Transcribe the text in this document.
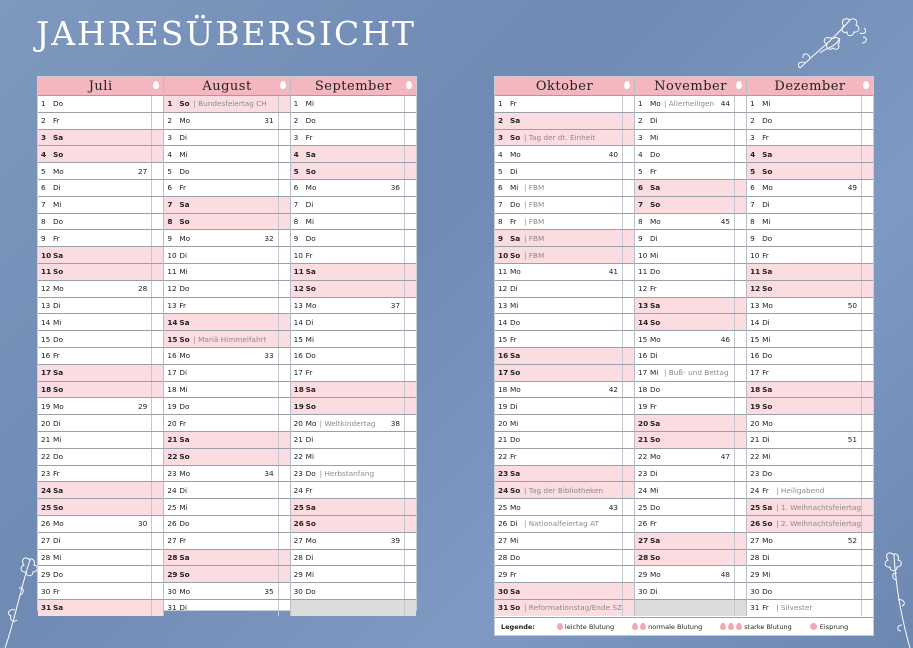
JAHRESÜBERSICHT
Juli
1	Do
2	Fr
3 Sa
4 So
5	Mo	27
6	Di
7	Mi
8	Do
9	Fr
10 Sa
11 So
12 Mo	28
13 Di
14 Mi
15 Do
16 Fr
17 Sa
18 So
19 Mo	29
20 Di
21 Mi
22 Do
23 Fr
24 Sa
25 So
26 Mo	30
27 Di
28 Mi
29 Do
30 Fr
31 Sa
August
1 So | Bundesfeiertag CH
2	Mo	31
3	Di
4	Mi
5	Do
6	Fr
7 Sa
8 So
9	Mo	32
10 Di
11 Mi
12 Do
13 Fr
14 Sa
15 So | Mariä Himmelfahrt
16 Mo	33
17 Di
18 Mi
19 Do
20 Fr
21 Sa
22 So
23 Mo	34
24 Di
25 Mi
26 Do
27 Fr
28 Sa
29 So
30 Mo	35
31 Di
September
1	Mi
2	Do
3	Fr
4 Sa
5 So
6	Mo	36
7	Di
8	Mi
9	Do
10 Fr
11 Sa
12 So
13 Mo	37
14 Di
15 Mi
16 Do
17 Fr
18 Sa
19 So
20 Mo | Weltkindertag 38
21 Di
22 Mi
23 Do | Herbstanfang
24 Fr
25 Sa
26 So
27 Mo	39
28 Di
29 Mi
30 Do
Oktober
1	Fr
2 Sa
3 So | Tag der dt. Einheit
4	Mo	40
5	Di
6	Mi | FBM
7	Do | FBM
8	Fr	| FBM
9 Sa | FBM
10 So | FBM
11 Mo	41
12 Di
13 Mi
14 Do
15 Fr
16 Sa
17 So
18 Mo	42
19 Di
20 Mi
21 Do
22 Fr
23 Sa
24 So | Tag der Bibliotheken
25 Mo	43
26 Di | Nationalfeiertag AT
27 Mi
28 Do
29 Fr
30 Sa
31 So | Reformationstag/Ende SZ
November
1	Mo | Allerheiligen 44
2	Di
3	Mi
4	Do
5	Fr
6 Sa
7 So
8	Mo	45
9	Di
10 Mi
11 Do
12 Fr
13 Sa
14 So
15 Mo	46
16 Di
17 Mi | Buß- und Bettag
18 Do
19 Fr
20 Sa
21 So
22 Mo	47
23 Di
24 Mi
25 Do
26 Fr
27 Sa
28 So
29 Mo	48
30 Di
Dezember
1	Mi
2	Do
3	Fr
4 Sa
5 So
6	Mo	49
7	Di
8	Mi
9	Do
10 Fr
11 Sa
12 So
13 Mo	50
14 Di
15 Mi
16 Do
17 Fr
18 Sa
19 So
20 Mo
21 Di	51
22 Mi
23 Do
24 Fr	| Heiligabend
25 Sa | 1. Weihnachtsfeiertag
26 So | 2. Weihnachtsfeiertag
27 Mo	52
28 Di
29 Mi
30 Do
31 Fr	| Silvester
Legende:	leichte Blutung	normale Blutung	starke Blutung	Eisprung
